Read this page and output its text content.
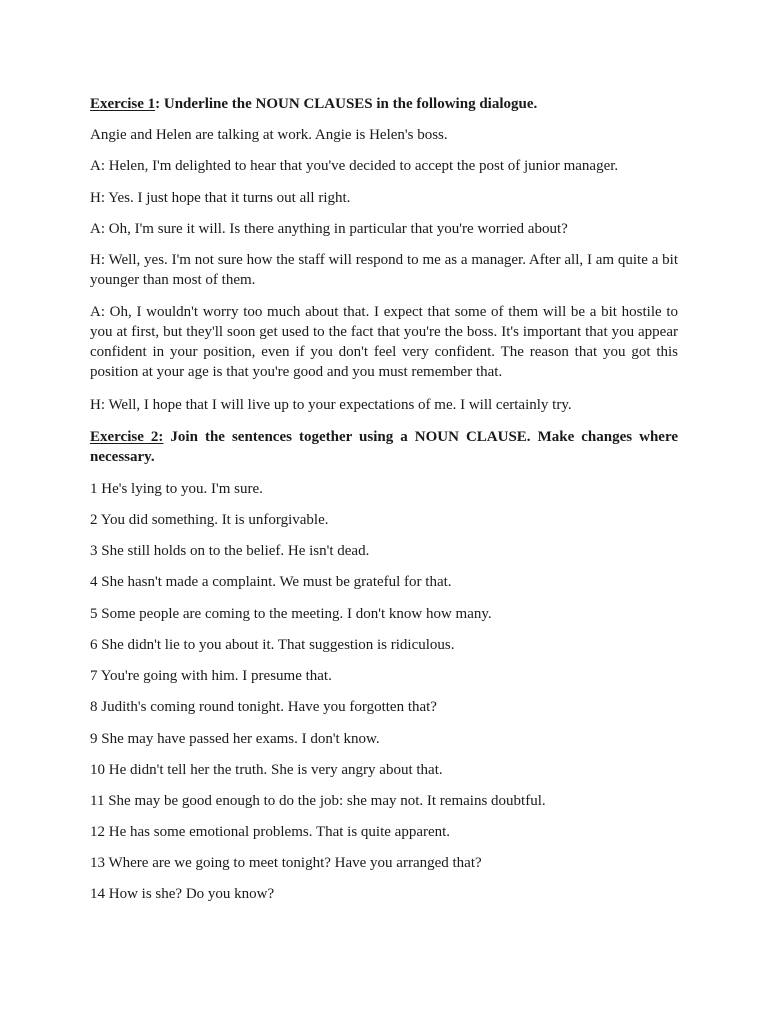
Exercise 1: Underline the NOUN CLAUSES in the following dialogue.

Angie and Helen are talking at work. Angie is Helen's boss.

A: Helen, I'm delighted to hear that you've decided to accept the post of junior manager.

H: Yes. I just hope that it turns out all right.

A: Oh, I'm sure it will. Is there anything in particular that you're worried about?

H: Well, yes. I'm not sure how the staff will respond to me as a manager. After all, I am quite a bit younger than most of them.

A: Oh, I wouldn't worry too much about that. I expect that some of them will be a bit hostile to you at first, but they'll soon get used to the fact that you're the boss. It's important that you appear confident in your position, even if you don't feel very confident. The reason that you got this position at your age is that you're good and you must remember that.

H: Well, I hope that I will live up to your expectations of me. I will certainly try.

Exercise 2: Join the sentences together using a NOUN CLAUSE. Make changes where necessary.

1 He's lying to you. I'm sure.

2 You did something. It is unforgivable.

3 She still holds on to the belief. He isn't dead.

4 She hasn't made a complaint. We must be grateful for that.

5 Some people are coming to the meeting. I don't know how many.

6 She didn't lie to you about it. That suggestion is ridiculous.

7 You're going with him. I presume that.

8 Judith's coming round tonight. Have you forgotten that?

9 She may have passed her exams. I don't know.

10 He didn't tell her the truth. She is very angry about that.

11 She may be good enough to do the job: she may not. It remains doubtful.

12 He has some emotional problems. That is quite apparent.

13 Where are we going to meet tonight? Have you arranged that?

14 How is she? Do you know?
